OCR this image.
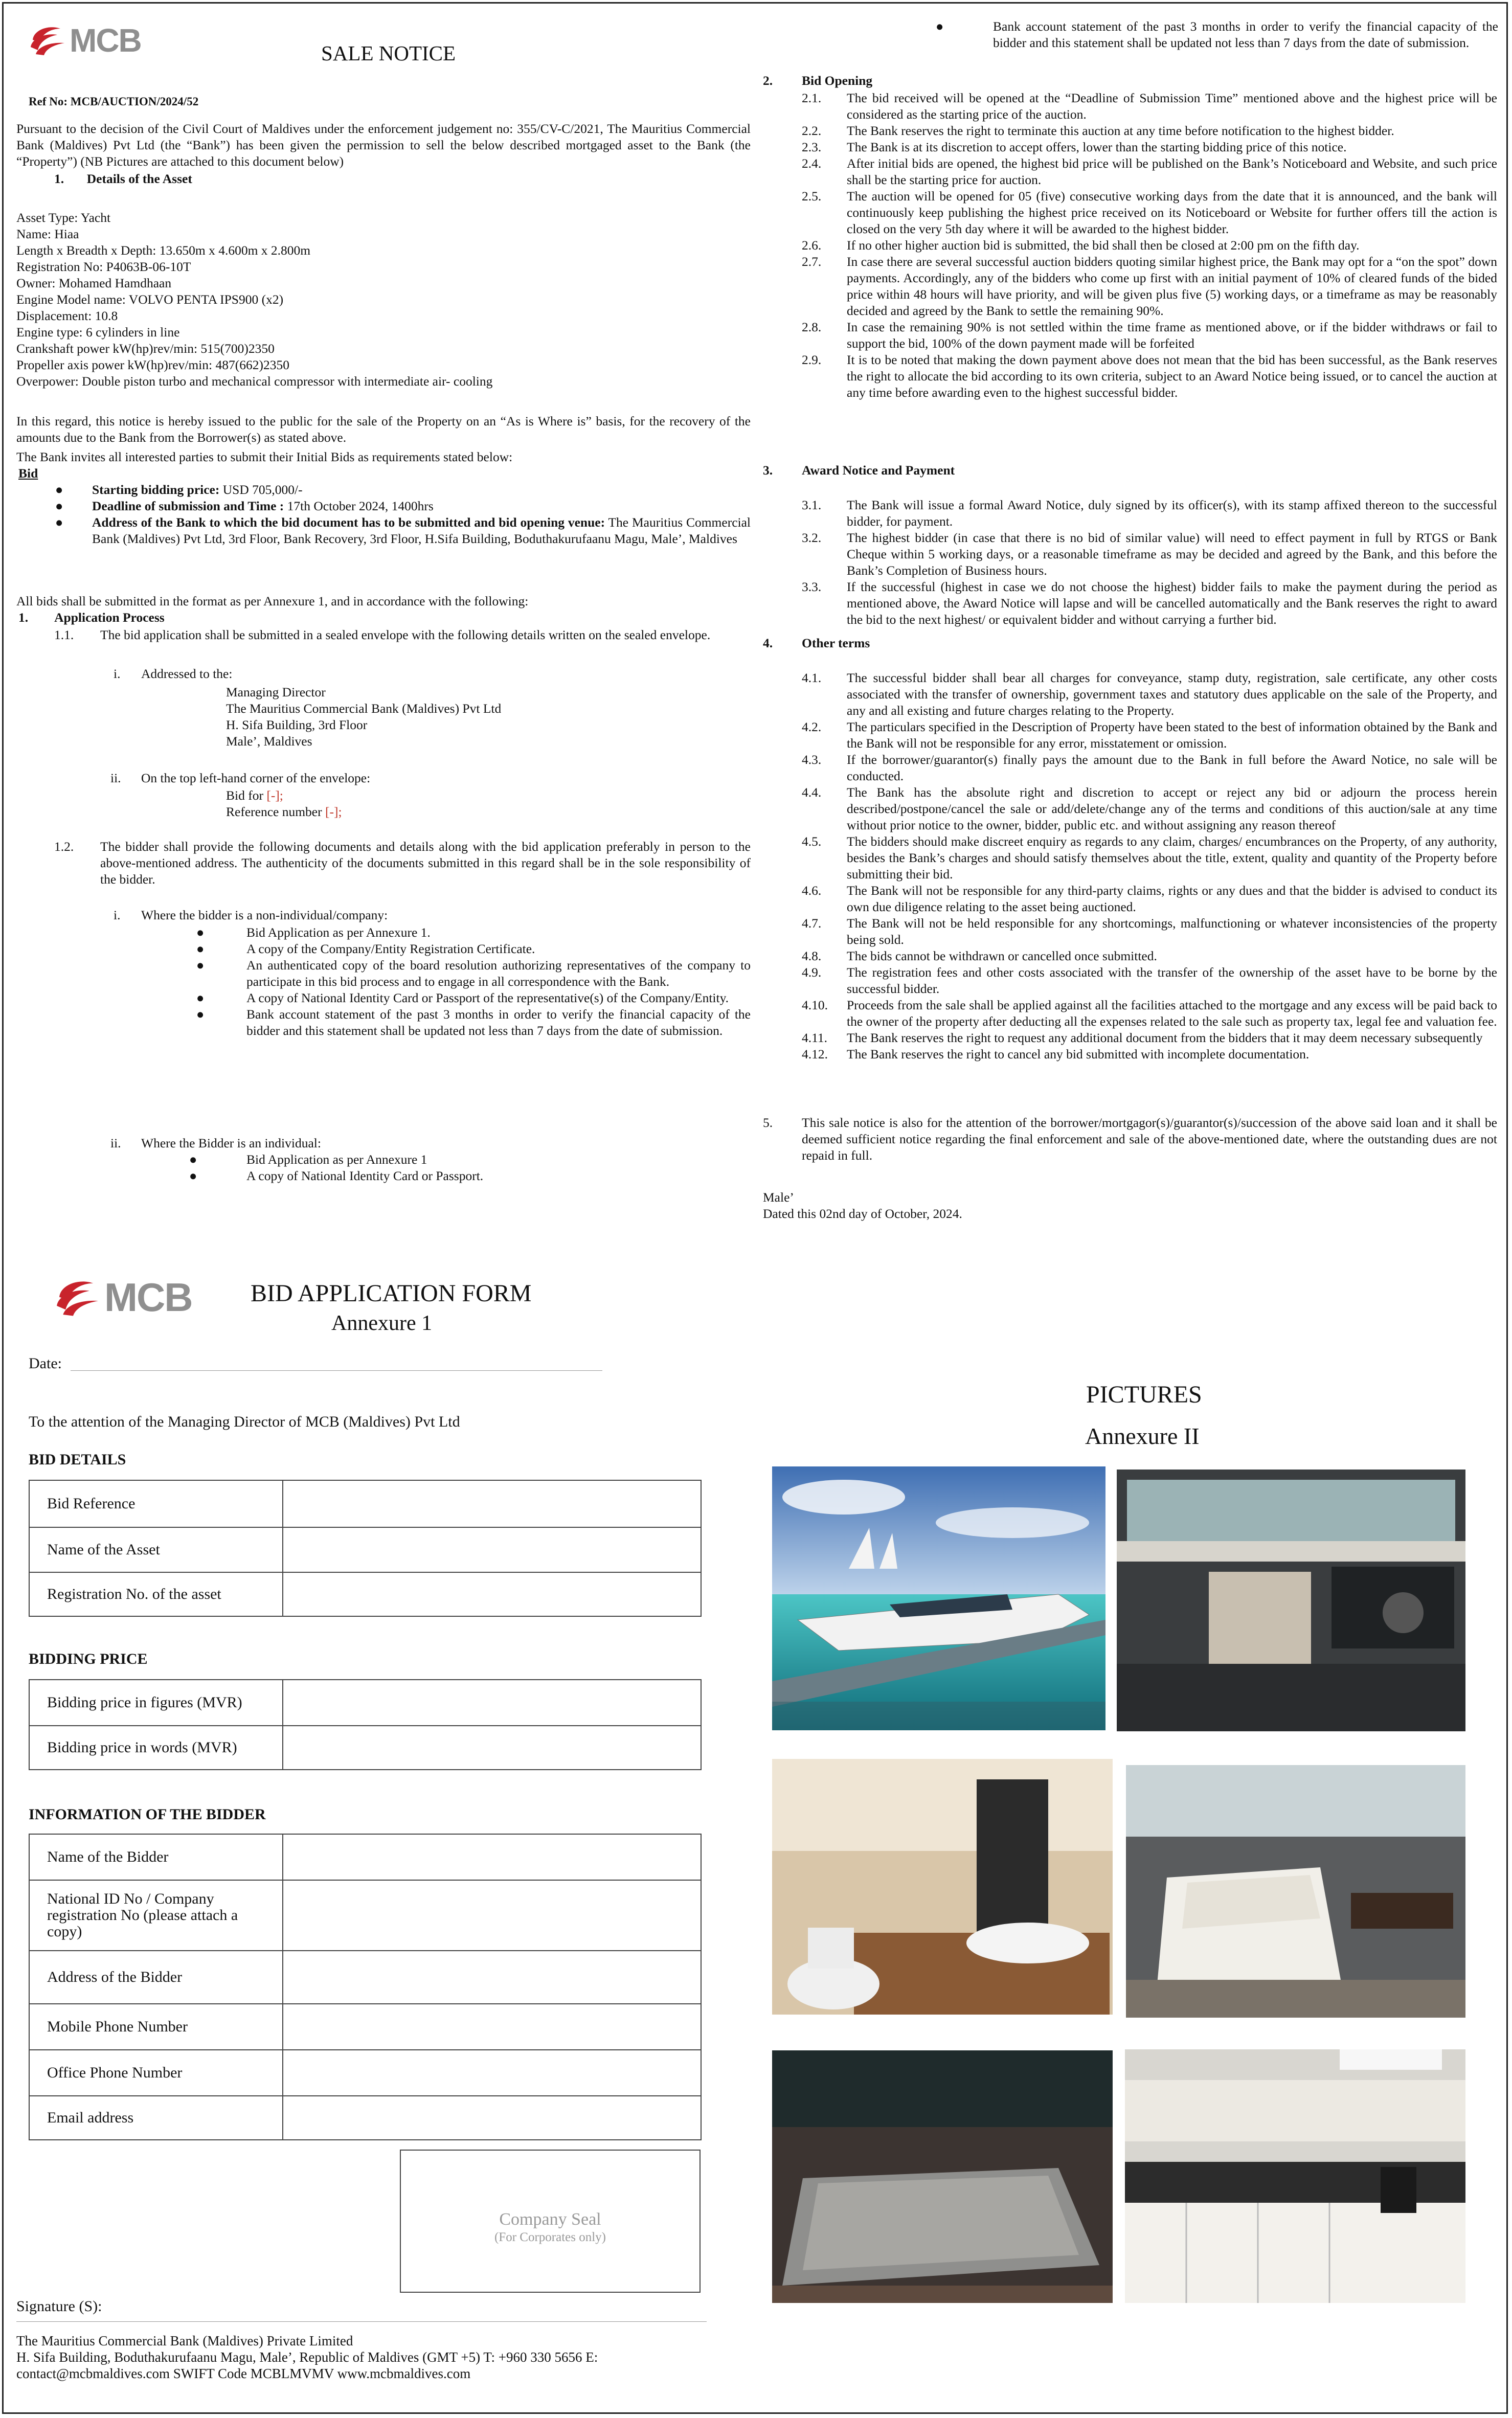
MCB	SALE NOTICE
Ref No: MCB/AUCTION/2024/52
Pursuant to the decision of the Civil Court of Maldives under the enforcement judgement no: 355/CV-C/2021, The Mauritius Commercial Bank (Maldives) Pvt Ltd (the “Bank”) has been given the permission to sell the below described mortgaged asset to the Bank (the “Property”) (NB Pictures are attached to this document below)
1. Details of the Asset
Asset Type: Yacht
Name: Hiaa
Length x Breadth x Depth: 13.650m x 4.600m x 2.800m
Registration No: P4063B-06-10T
Owner: Mohamed Hamdhaan
Engine Model name: VOLVO PENTA IPS900 (x2)
Displacement: 10.8
Engine type: 6 cylinders in line
Crankshaft power kW(hp)rev/min: 515(700)2350
Propeller axis power kW(hp)rev/min: 487(662)2350
Overpower: Double piston turbo and mechanical compressor with intermediate air- cooling
In this regard, this notice is hereby issued to the public for the sale of the Property on an “As is Where is” basis, for the recovery of the amounts due to the Bank from the Borrower(s) as stated above.
The Bank invites all interested parties to submit their Initial Bids as requirements stated below:
Bid
●	Starting bidding price: USD 705,000/-
●	Deadline of submission and Time : 17th October 2024, 1400hrs
●	Address of the Bank to which the bid document has to be submitted and bid opening venue: The Mauritius Commercial Bank (Maldives) Pvt Ltd, 3rd Floor, Bank Recovery, 3rd Floor, H.Sifa Building, Boduthakurufaanu Magu, Male’, Maldives
All bids shall be submitted in the format as per Annexure 1, and in accordance with the following:
1. Application Process
1.1.	The bid application shall be submitted in a sealed envelope with the following details written on the sealed envelope.
i. Addressed to the:
Managing Director
The Mauritius Commercial Bank (Maldives) Pvt Ltd
H. Sifa Building, 3rd Floor
Male’, Maldives
ii. On the top left-hand corner of the envelope:
Bid for [-];
Reference number [-];
1.2.	The bidder shall provide the following documents and details along with the bid application preferably in person to the above-mentioned address. The authenticity of the documents submitted in this regard shall be in the sole responsibility of the bidder.
i. Where the bidder is a non-individual/company:
●	Bid Application as per Annexure 1.
●	A copy of the Company/Entity Registration Certificate.
●	An authenticated copy of the board resolution authorizing representatives of the company to participate in this bid process and to engage in all correspondence with the Bank.
●	A copy of National Identity Card or Passport of the representative(s) of the Company/Entity.
●	Bank account statement of the past 3 months in order to verify the financial capacity of the bidder and this statement shall be updated not less than 7 days from the date of submission.
ii. Where the Bidder is an individual:
●	Bid Application as per Annexure 1
●	A copy of National Identity Card or Passport.
●	Bank account statement of the past 3 months in order to verify the financial capacity of the bidder and this statement shall be updated not less than 7 days from the date of submission.
2. Bid Opening
2.1.	The bid received will be opened at the “Deadline of Submission Time” mentioned above and the highest price will be considered as the starting price of the auction.
2.2.	The Bank reserves the right to terminate this auction at any time before notification to the highest bidder.
2.3.	The Bank is at its discretion to accept offers, lower than the starting bidding price of this notice.
2.4.	After initial bids are opened, the highest bid price will be published on the Bank’s Noticeboard and Website, and such price shall be the starting price for auction.
2.5.	The auction will be opened for 05 (five) consecutive working days from the date that it is announced, and the bank will continuously keep publishing the highest price received on its Noticeboard or Website for further offers till the action is closed on the very 5th day where it will be awarded to the highest bidder.
2.6.	If no other higher auction bid is submitted, the bid shall then be closed at 2:00 pm on the fifth day.
2.7.	In case there are several successful auction bidders quoting similar highest price, the Bank may opt for a “on the spot” down payments. Accordingly, any of the bidders who come up first with an initial payment of 10% of cleared funds of the bided price within 48 hours will have priority, and will be given plus five (5) working days, or a timeframe as may be reasonably decided and agreed by the Bank to settle the remaining 90%.
2.8.	In case the remaining 90% is not settled within the time frame as mentioned above, or if the bidder withdraws or fail to support the bid, 100% of the down payment made will be forfeited
2.9.	It is to be noted that making the down payment above does not mean that the bid has been successful, as the Bank reserves the right to allocate the bid according to its own criteria, subject to an Award Notice being issued, or to cancel the auction at any time before awarding even to the highest successful bidder.
3. Award Notice and Payment
3.1.	The Bank will issue a formal Award Notice, duly signed by its officer(s), with its stamp affixed thereon to the successful bidder, for payment.
3.2.	The highest bidder (in case that there is no bid of similar value) will need to effect payment in full by RTGS or Bank Cheque within 5 working days, or a reasonable timeframe as may be decided and agreed by the Bank, and this before the Bank’s Completion of Business hours.
3.3.	If the successful (highest in case we do not choose the highest) bidder fails to make the payment during the period as mentioned above, the Award Notice will lapse and will be cancelled automatically and the Bank reserves the right to award the bid to the next highest/ or equivalent bidder and without carrying a further bid.
4. Other terms
4.1.	The successful bidder shall bear all charges for conveyance, stamp duty, registration, sale certificate, any other costs associated with the transfer of ownership, government taxes and statutory dues applicable on the sale of the Property, and any and all existing and future charges relating to the Property.
4.2.	The particulars specified in the Description of Property have been stated to the best of information obtained by the Bank and the Bank will not be responsible for any error, misstatement or omission.
4.3.	If the borrower/guarantor(s) finally pays the amount due to the Bank in full before the Award Notice, no sale will be conducted.
4.4.	The Bank has the absolute right and discretion to accept or reject any bid or adjourn the process herein described/postpone/cancel the sale or add/delete/change any of the terms and conditions of this auction/sale at any time without prior notice to the owner, bidder, public etc. and without assigning any reason thereof
4.5.	The bidders should make discreet enquiry as regards to any claim, charges/ encumbrances on the Property, of any authority, besides the Bank’s charges and should satisfy themselves about the title, extent, quality and quantity of the Property before submitting their bid.
4.6.	The Bank will not be responsible for any third-party claims, rights or any dues and that the bidder is advised to conduct its own due diligence relating to the asset being auctioned.
4.7.	The Bank will not be held responsible for any shortcomings, malfunctioning or whatever inconsistencies of the property being sold.
4.8.	The bids cannot be withdrawn or cancelled once submitted.
4.9.	The registration fees and other costs associated with the transfer of the ownership of the asset have to be borne by the successful bidder.
4.10.	Proceeds from the sale shall be applied against all the facilities attached to the mortgage and any excess will be paid back to the owner of the property after deducting all the expenses related to the sale such as property tax, legal fee and valuation fee.
4.11.	The Bank reserves the right to request any additional document from the bidders that it may deem necessary subsequently
4.12.	The Bank reserves the right to cancel any bid submitted with incomplete documentation.
5.	This sale notice is also for the attention of the borrower/mortgagor(s)/guarantor(s)/succession of the above said loan and it shall be deemed sufficient notice regarding the final enforcement and sale of the above-mentioned date, where the outstanding dues are not repaid in full.
Male’
Dated this 02nd day of October, 2024.
MCB BID APPLICATION FORM
Annexure 1
Date:
To the attention of the Managing Director of MCB (Maldives) Pvt Ltd
BID DETAILS
Bid Reference	
Name of the Asset	
Registration No. of the asset	
BIDDING PRICE
Bidding price in figures (MVR)	
Bidding price in words (MVR)	
INFORMATION OF THE BIDDER
Name of the Bidder	
National ID No / Company registration No (please attach a copy)	
Address of the Bidder	
Mobile Phone Number	
Office Phone Number	
Email address	
Company Seal
(For Corporates only)
Signature (S):
The Mauritius Commercial Bank (Maldives) Private Limited
H. Sifa Building, Boduthakurufaanu Magu, Male’, Republic of Maldives (GMT +5) T: +960 330 5656 E:
contact@mcbmaldives.com SWIFT Code MCBLMVMV www.mcbmaldives.com
PICTURES
Annexure II
